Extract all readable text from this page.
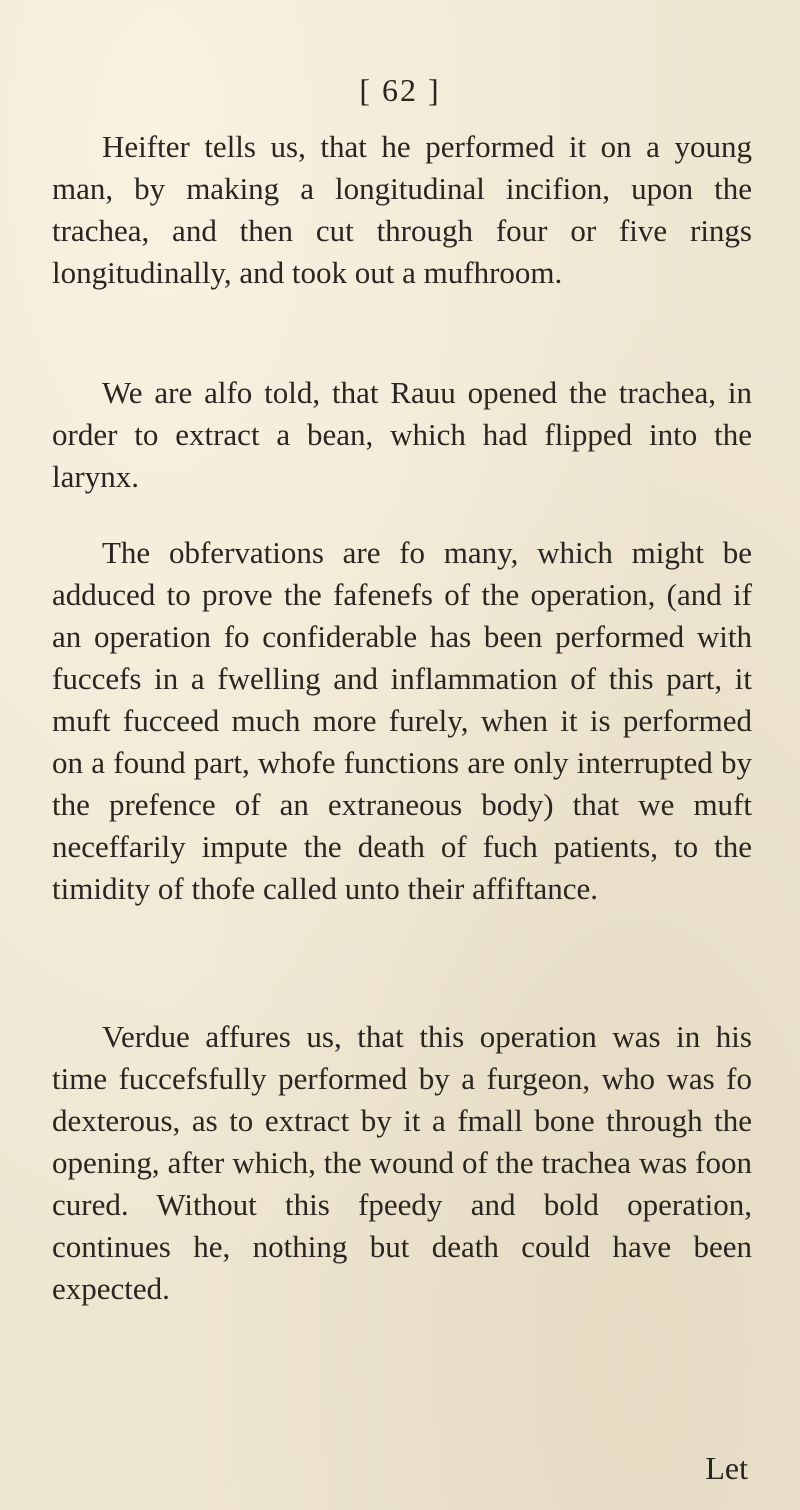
[ 62 ]

Heifter tells us, that he performed it on a young man, by making a longitudinal incifion, upon the trachea, and then cut through four or five rings longitudinally, and took out a mufhroom.

We are alfo told, that Rauu opened the trachea, in order to extract a bean, which had flipped into the larynx.

The obfervations are fo many, which might be adduced to prove the fafenefs of the operation, (and if an operation fo confiderable has been performed with fuccefs in a fwelling and inflammation of this part, it muft fucceed much more furely, when it is performed on a found part, whofe functions are only interrupted by the prefence of an extraneous body) that we muft neceffarily impute the death of fuch patients, to the timidity of thofe called unto their affiftance.

Verdue affures us, that this operation was in his time fuccefsfully performed by a furgeon, who was fo dexterous, as to extract by it a fmall bone through the opening, after which, the wound of the trachea was foon cured. Without this fpeedy and bold operation, continues he, nothing but death could have been expected.

Let
